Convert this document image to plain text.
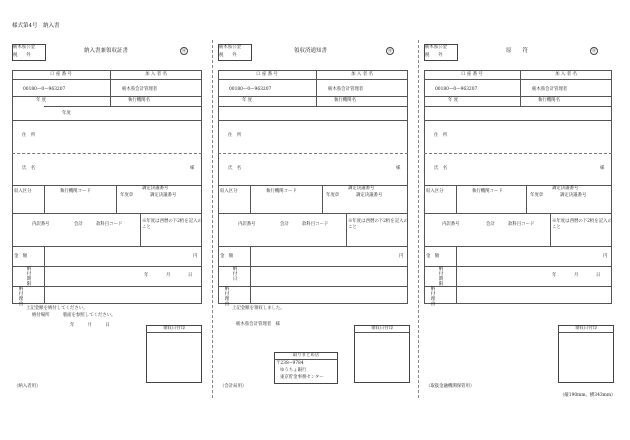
様式第4号　 納入書
栃木県公金
税　　外
納入書兼領収証書	㊞
口 座 番 号	加 入 者 名
00180—0—963207	栃木県会計管理者
年 度	執行機関名
年度
住　所
氏　名	様
収入区分	執行機関コード
調定決議番号
年度章	調定決議番号
内訳番号	会計	款科目コード
※年度は西暦の下2桁を記入のこと
金　額	円
納付期限
年　　　　	月　　　　	日
納付理由
上記金額を納付してください。
納付場所　　　裏面を参照してください。
年　　　月　　　日
領収日付印
（納入者用）
栃木県公金
税　　外
領収済通知書	㊞
口 座 番 号	加 入 者 名
00180—0—963207	栃木県会計管理者
年 度	執行機関名
住　所
氏　名	様
収入区分	執行機関コード
調定決議番号
年度章	調定決議番号
内訳番号	会計	款科目コード
※年度は西暦の下2桁を記入のこと
金　額	円
納付日
納付理由
上記金額を領収しました。
栃木県会計管理者　様
領収日付印
取りまとめ店
〒238−9784
ゆうちょ銀行
東京貯金事務センター
（会計局用）
栃木県公金
税　　外
原　　符	㊞
口 座 番 号	加 入 者 名
00180—0—963207	栃木県会計管理者
年 度	執行機関名
住　所
氏　名	様
収入区分	執行機関コード
調定決議番号
年度章	調定決議番号
内訳番号	会計	款科目コード
※年度は西暦の下2桁を記入のこと
金　額	円
納付期限
年　　　　	月　　　　	日
納付理由
領収日付印
（取扱金融機関保管用）
（縦190mm、横343mm）
